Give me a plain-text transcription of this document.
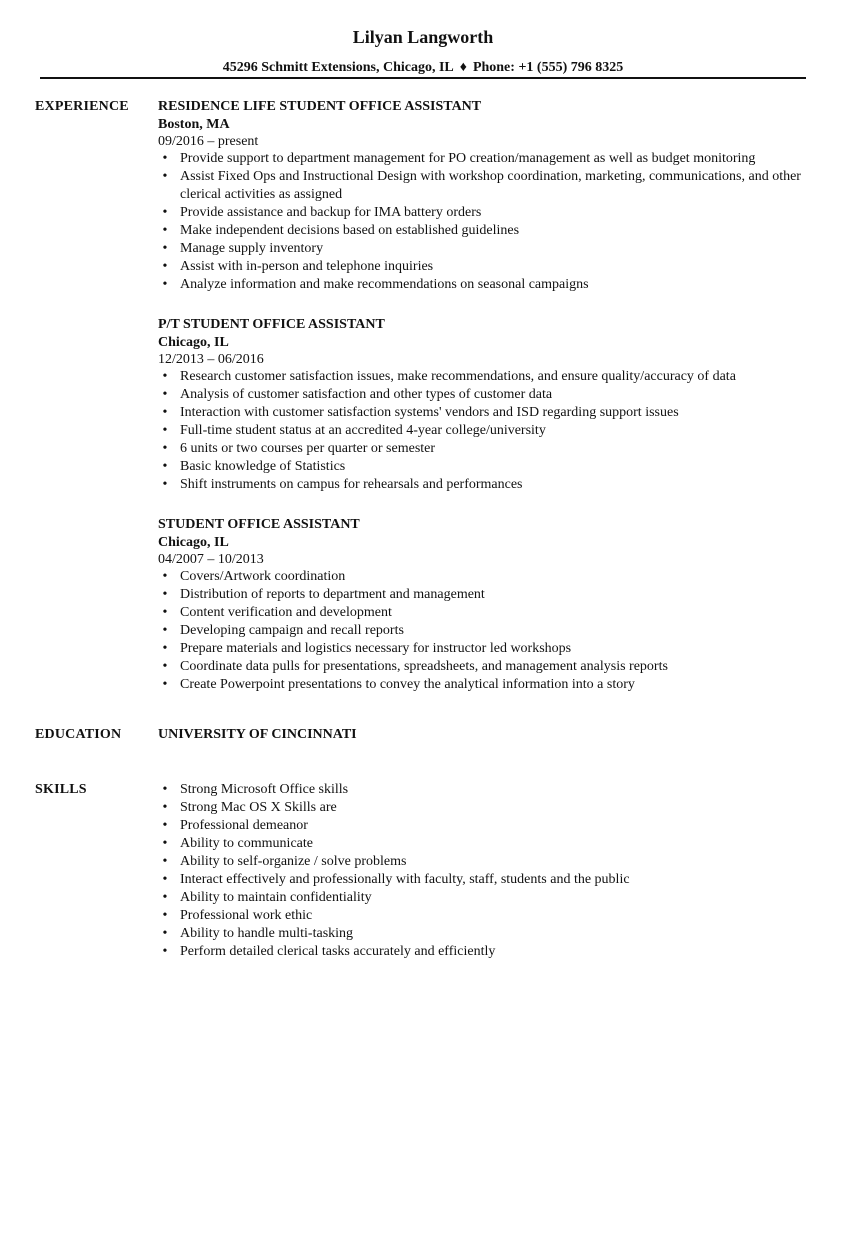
Lilyan Langworth
45296 Schmitt Extensions, Chicago, IL ♦ Phone: +1 (555) 796 8325
EXPERIENCE RESIDENCE LIFE STUDENT OFFICE ASSISTANT
Boston, MA
09/2016 – present
• Provide support to department management for PO creation/management as well as budget monitoring
• Assist Fixed Ops and Instructional Design with workshop coordination, marketing, communications, and other clerical activities as assigned
• Provide assistance and backup for IMA battery orders
• Make independent decisions based on established guidelines
• Manage supply inventory
• Assist with in-person and telephone inquiries
• Analyze information and make recommendations on seasonal campaigns
P/T STUDENT OFFICE ASSISTANT
Chicago, IL
12/2013 – 06/2016
• Research customer satisfaction issues, make recommendations, and ensure quality/accuracy of data
• Analysis of customer satisfaction and other types of customer data
• Interaction with customer satisfaction systems' vendors and ISD regarding support issues
• Full-time student status at an accredited 4-year college/university
• 6 units or two courses per quarter or semester
• Basic knowledge of Statistics
• Shift instruments on campus for rehearsals and performances
STUDENT OFFICE ASSISTANT
Chicago, IL
04/2007 – 10/2013
• Covers/Artwork coordination
• Distribution of reports to department and management
• Content verification and development
• Developing campaign and recall reports
• Prepare materials and logistics necessary for instructor led workshops
• Coordinate data pulls for presentations, spreadsheets, and management analysis reports
• Create Powerpoint presentations to convey the analytical information into a story
EDUCATION	UNIVERSITY OF CINCINNATI
SKILLS	• Strong Microsoft Office skills
• Strong Mac OS X Skills are
• Professional demeanor
• Ability to communicate
• Ability to self-organize / solve problems
• Interact effectively and professionally with faculty, staff, students and the public
• Ability to maintain confidentiality
• Professional work ethic
• Ability to handle multi-tasking
• Perform detailed clerical tasks accurately and efficiently
